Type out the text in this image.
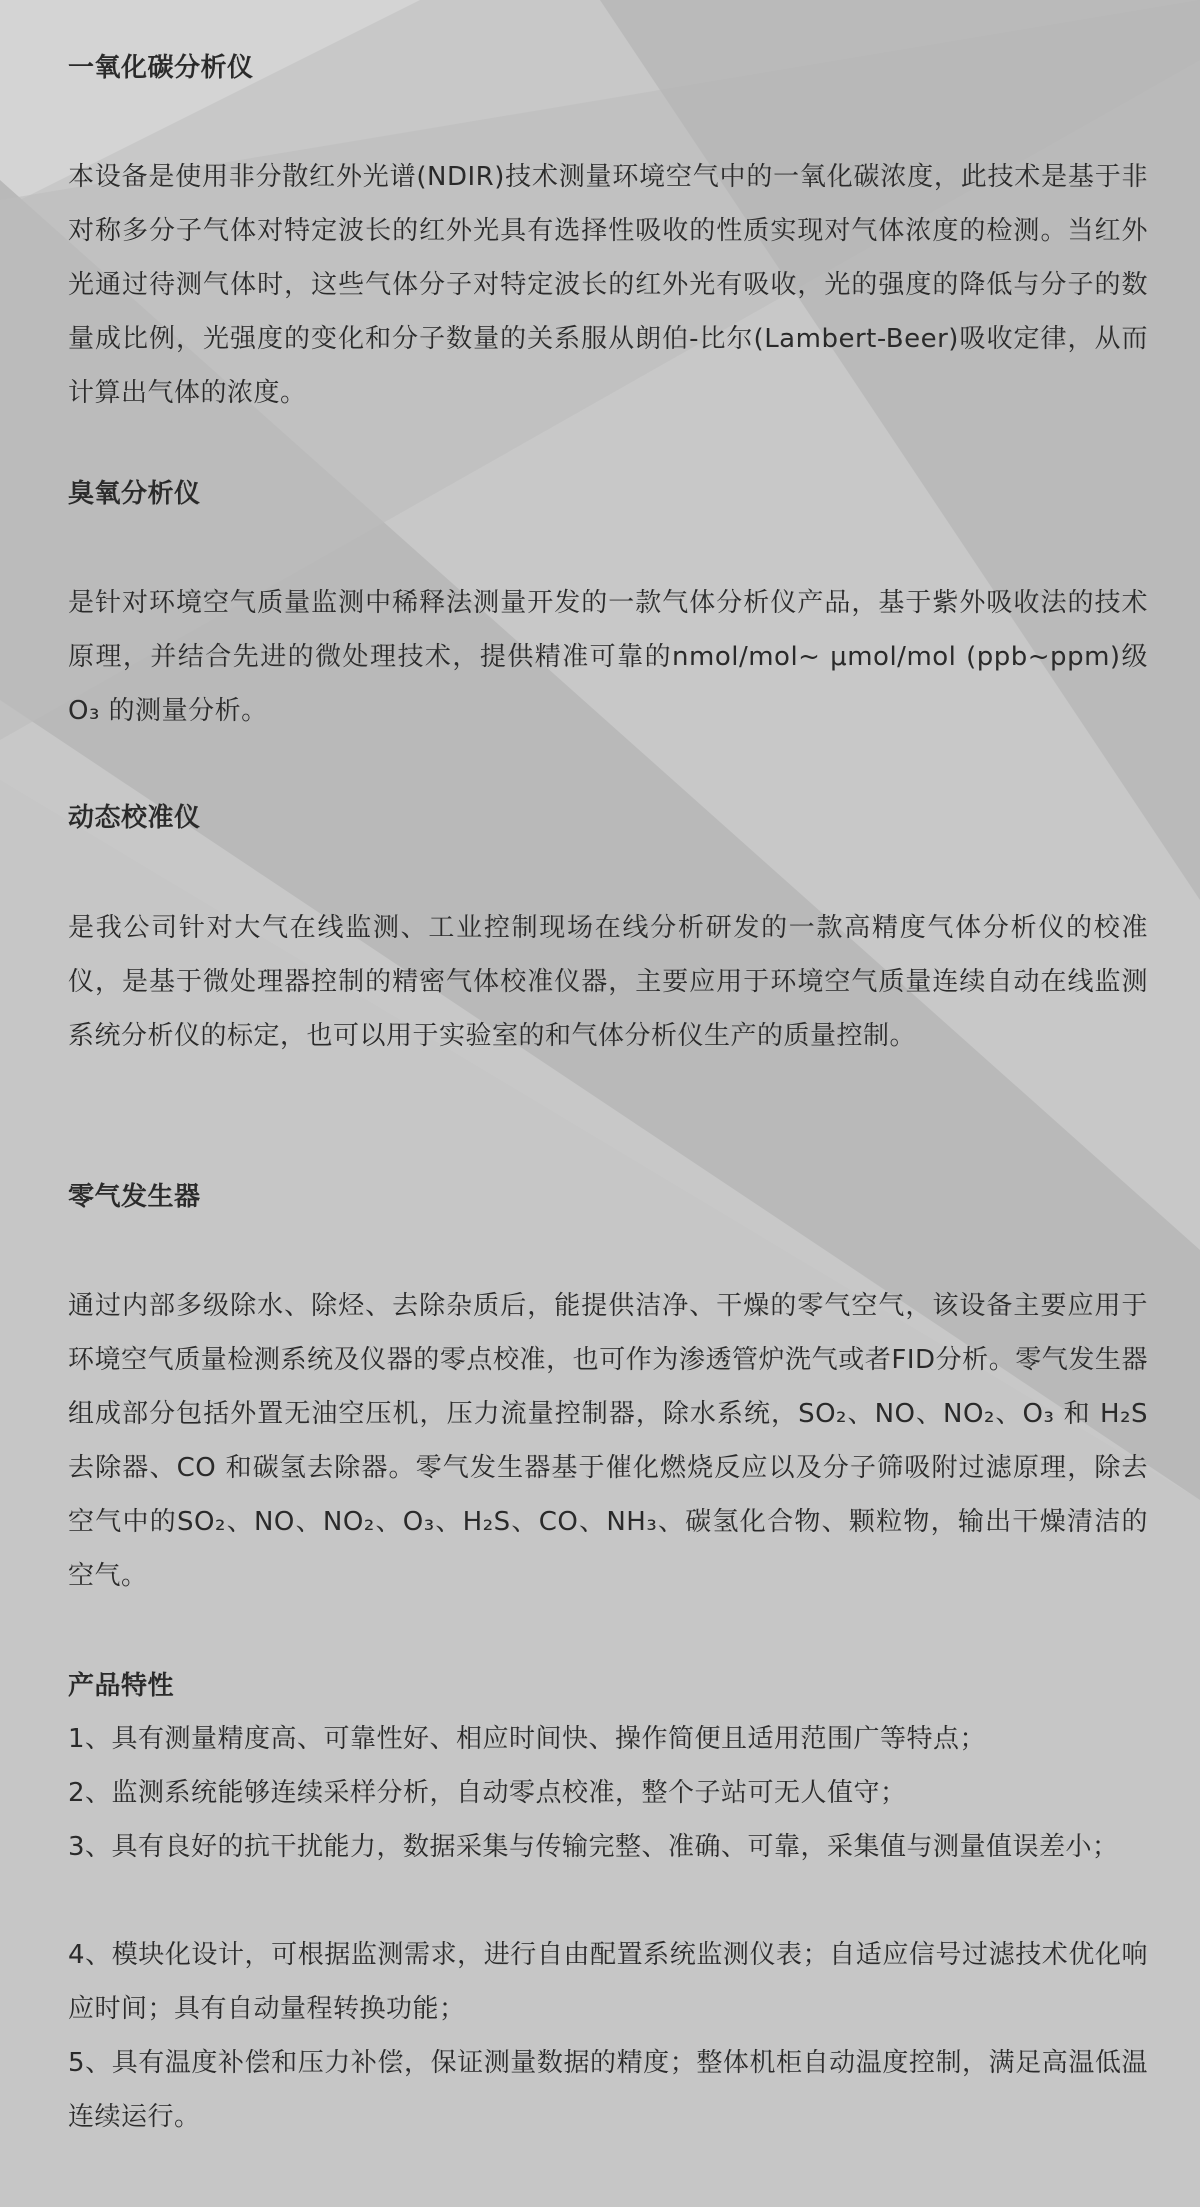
一氧化碳分析仪

本设备是使用非分散红外光谱(NDIR)技术测量环境空气中的一氧化碳浓度，此技术是基于非对称多分子气体对特定波长的红外光具有选择性吸收的性质实现对气体浓度的检测。当红外光通过待测气体时，这些气体分子对特定波长的红外光有吸收，光的强度的降低与分子的数量成比例，光强度的变化和分子数量的关系服从朗伯-比尔(Lambert-Beer)吸收定律，从而计算出气体的浓度。

臭氧分析仪

是针对环境空气质量监测中稀释法测量开发的一款气体分析仪产品，基于紫外吸收法的技术原理，并结合先进的微处理技术，提供精准可靠的nmol/mol~ μmol/mol (ppb~ppm)级 O₃ 的测量分析。

动态校准仪

是我公司针对大气在线监测、工业控制现场在线分析研发的一款高精度气体分析仪的校准仪，是基于微处理器控制的精密气体校准仪器，主要应用于环境空气质量连续自动在线监测系统分析仪的标定，也可以用于实验室的和气体分析仪生产的质量控制。

零气发生器

通过内部多级除水、除烃、去除杂质后，能提供洁净、干燥的零气空气，该设备主要应用于环境空气质量检测系统及仪器的零点校准，也可作为渗透管炉洗气或者FID分析。零气发生器组成部分包括外置无油空压机，压力流量控制器，除水系统，SO₂、NO、NO₂、O₃ 和 H₂S 去除器、CO 和碳氢去除器。零气发生器基于催化燃烧反应以及分子筛吸附过滤原理，除去空气中的SO₂、NO、NO₂、O₃、H₂S、CO、NH₃、碳氢化合物、颗粒物，输出干燥清洁的空气。

产品特性

1、具有测量精度高、可靠性好、相应时间快、操作简便且适用范围广等特点；

2、监测系统能够连续采样分析，自动零点校准，整个子站可无人值守；

3、具有良好的抗干扰能力，数据采集与传输完整、准确、可靠，采集值与测量值误差小；

4、模块化设计，可根据监测需求，进行自由配置系统监测仪表；自适应信号过滤技术优化响应时间；具有自动量程转换功能；

5、具有温度补偿和压力补偿，保证测量数据的精度；整体机柜自动温度控制，满足高温低温连续运行。
